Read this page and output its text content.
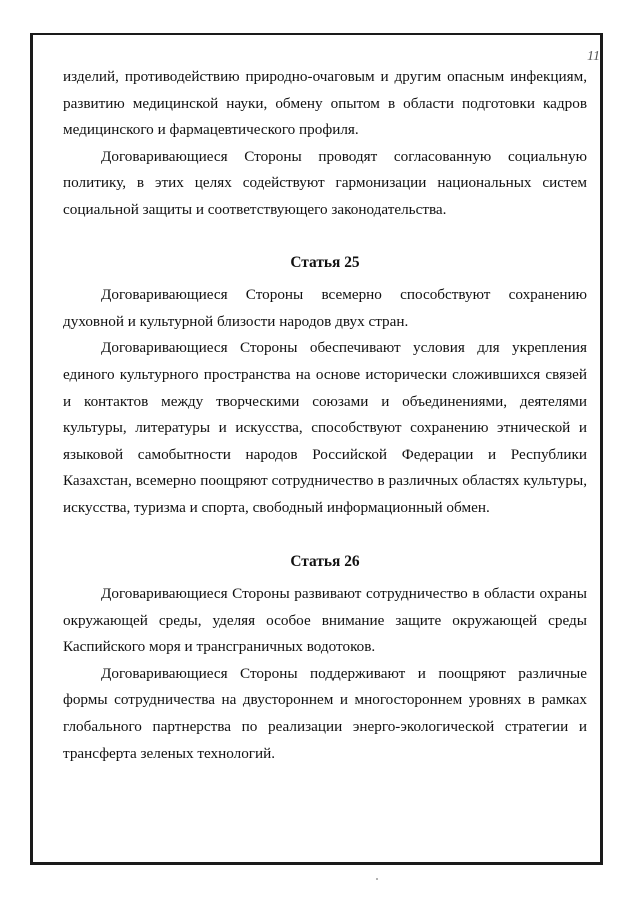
11

изделий, противодействию природно-очаговым и другим опасным инфекциям, развитию медицинской науки, обмену опытом в области подготовки кадров медицинского и фармацевтического профиля.

Договаривающиеся Стороны проводят согласованную социальную политику, в этих целях содействуют гармонизации национальных систем социальной защиты и соответствующего законодательства.

Статья 25

Договаривающиеся Стороны всемерно способствуют сохранению духовной и культурной близости народов двух стран.

Договаривающиеся Стороны обеспечивают условия для укрепления единого культурного пространства на основе исторически сложившихся связей и контактов между творческими союзами и объединениями, деятелями культуры, литературы и искусства, способствуют сохранению этнической и языковой самобытности народов Российской Федерации и Республики Казахстан, всемерно поощряют сотрудничество в различных областях культуры, искусства, туризма и спорта, свободный информационный обмен.

Статья 26

Договаривающиеся Стороны развивают сотрудничество в области охраны окружающей среды, уделяя особое внимание защите окружающей среды Каспийского моря и трансграничных водотоков.

Договаривающиеся Стороны поддерживают и поощряют различные формы сотрудничества на двустороннем и многостороннем уровнях в рамках глобального партнерства по реализации энерго-экологической стратегии и трансферта зеленых технологий.
